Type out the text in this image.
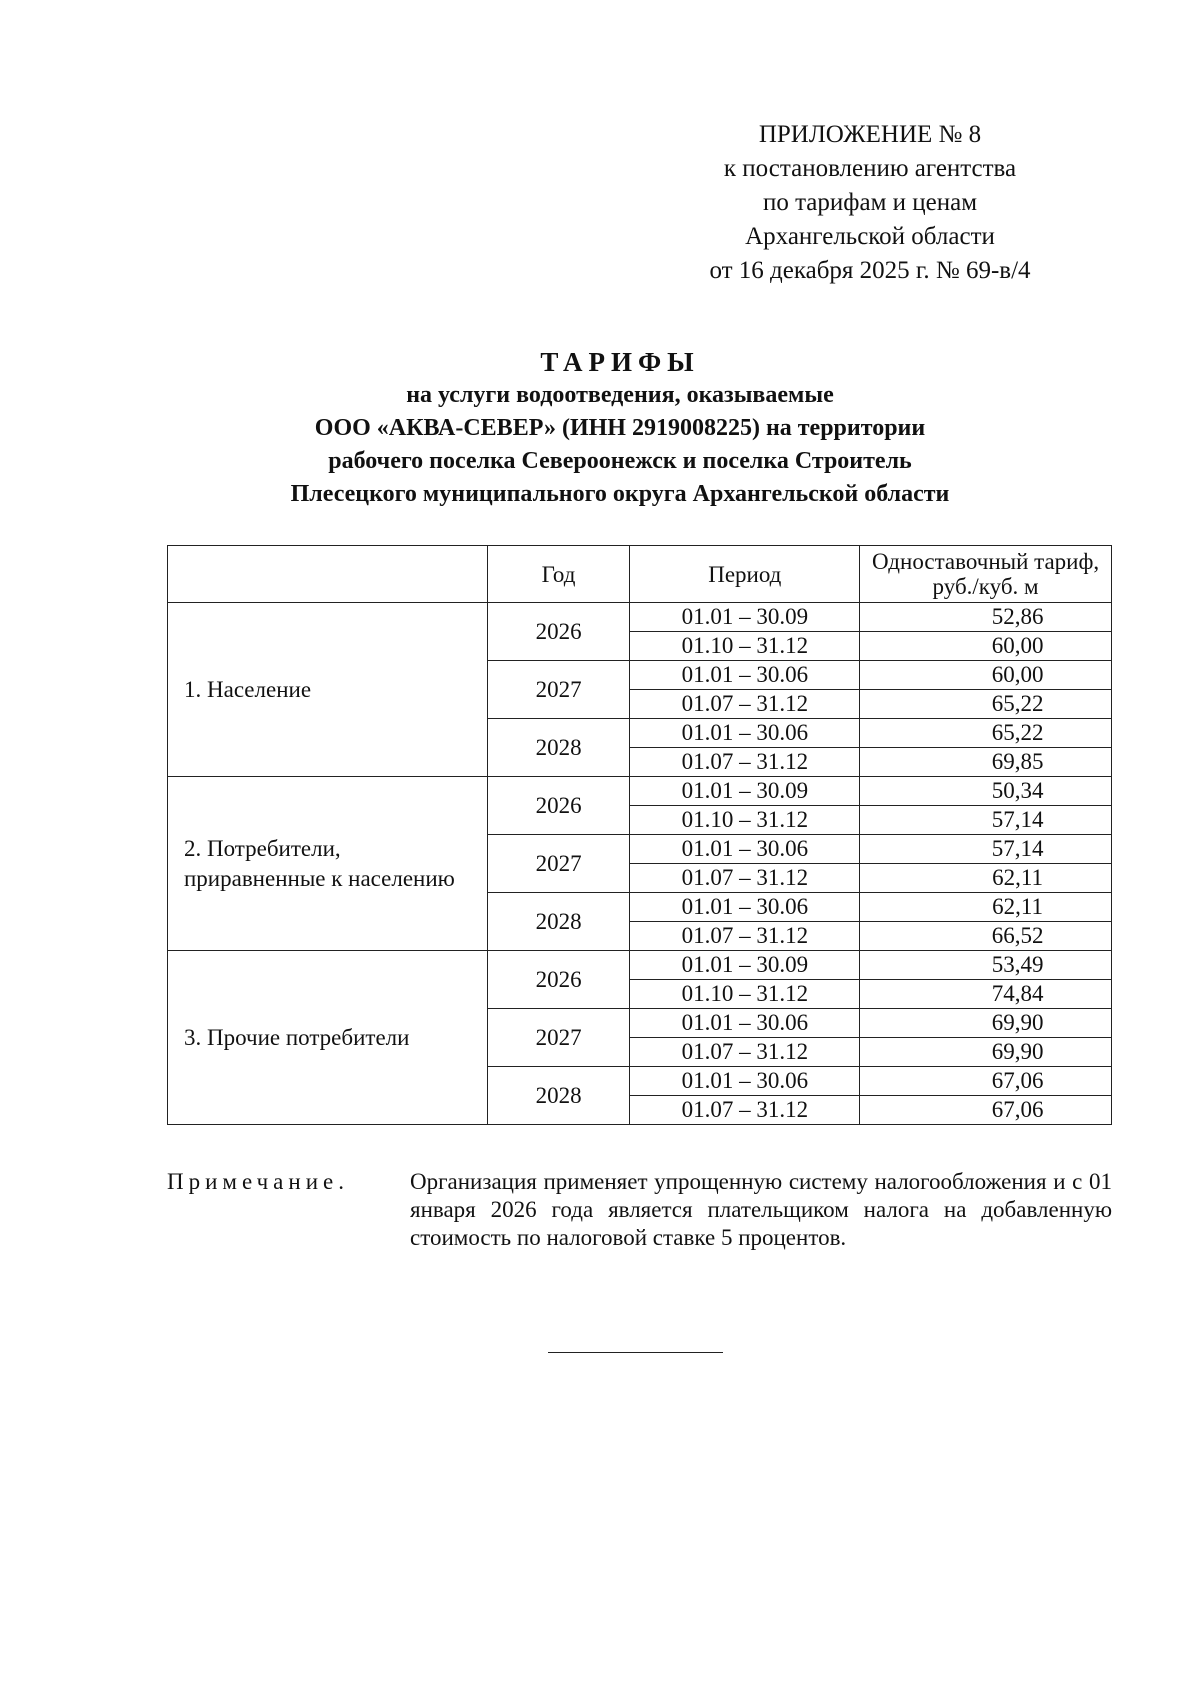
ПРИЛОЖЕНИЕ № 8
к постановлению агентства
по тарифам и ценам
Архангельской области
от 16 декабря 2025 г. № 69-в/4
ТАРИФЫ
на услуги водоотведения, оказываемые
ООО «АКВА-СЕВЕР» (ИНН 2919008225) на территории
рабочего поселка Североонежск и поселка Строитель
Плесецкого муниципального округа Архангельской области
	Год	Период	Одноставочный тариф, руб./куб. м
1. Население	2026	01.01 – 30.09	52,86
		01.10 – 31.12	60,00
	2027	01.01 – 30.06	60,00
		01.07 – 31.12	65,22
	2028	01.01 – 30.06	65,22
		01.07 – 31.12	69,85
2. Потребители, приравненные к населению	2026	01.01 – 30.09	50,34
		01.10 – 31.12	57,14
	2027	01.01 – 30.06	57,14
		01.07 – 31.12	62,11
	2028	01.01 – 30.06	62,11
		01.07 – 31.12	66,52
3. Прочие потребители	2026	01.01 – 30.09	53,49
		01.10 – 31.12	74,84
	2027	01.01 – 30.06	69,90
		01.07 – 31.12	69,90
	2028	01.01 – 30.06	67,06
		01.07 – 31.12	67,06
Примечание.	Организация применяет упрощенную систему налогообложения и с 01 января 2026 года является плательщиком налога на добавленную стоимость по налоговой ставке 5 процентов.
